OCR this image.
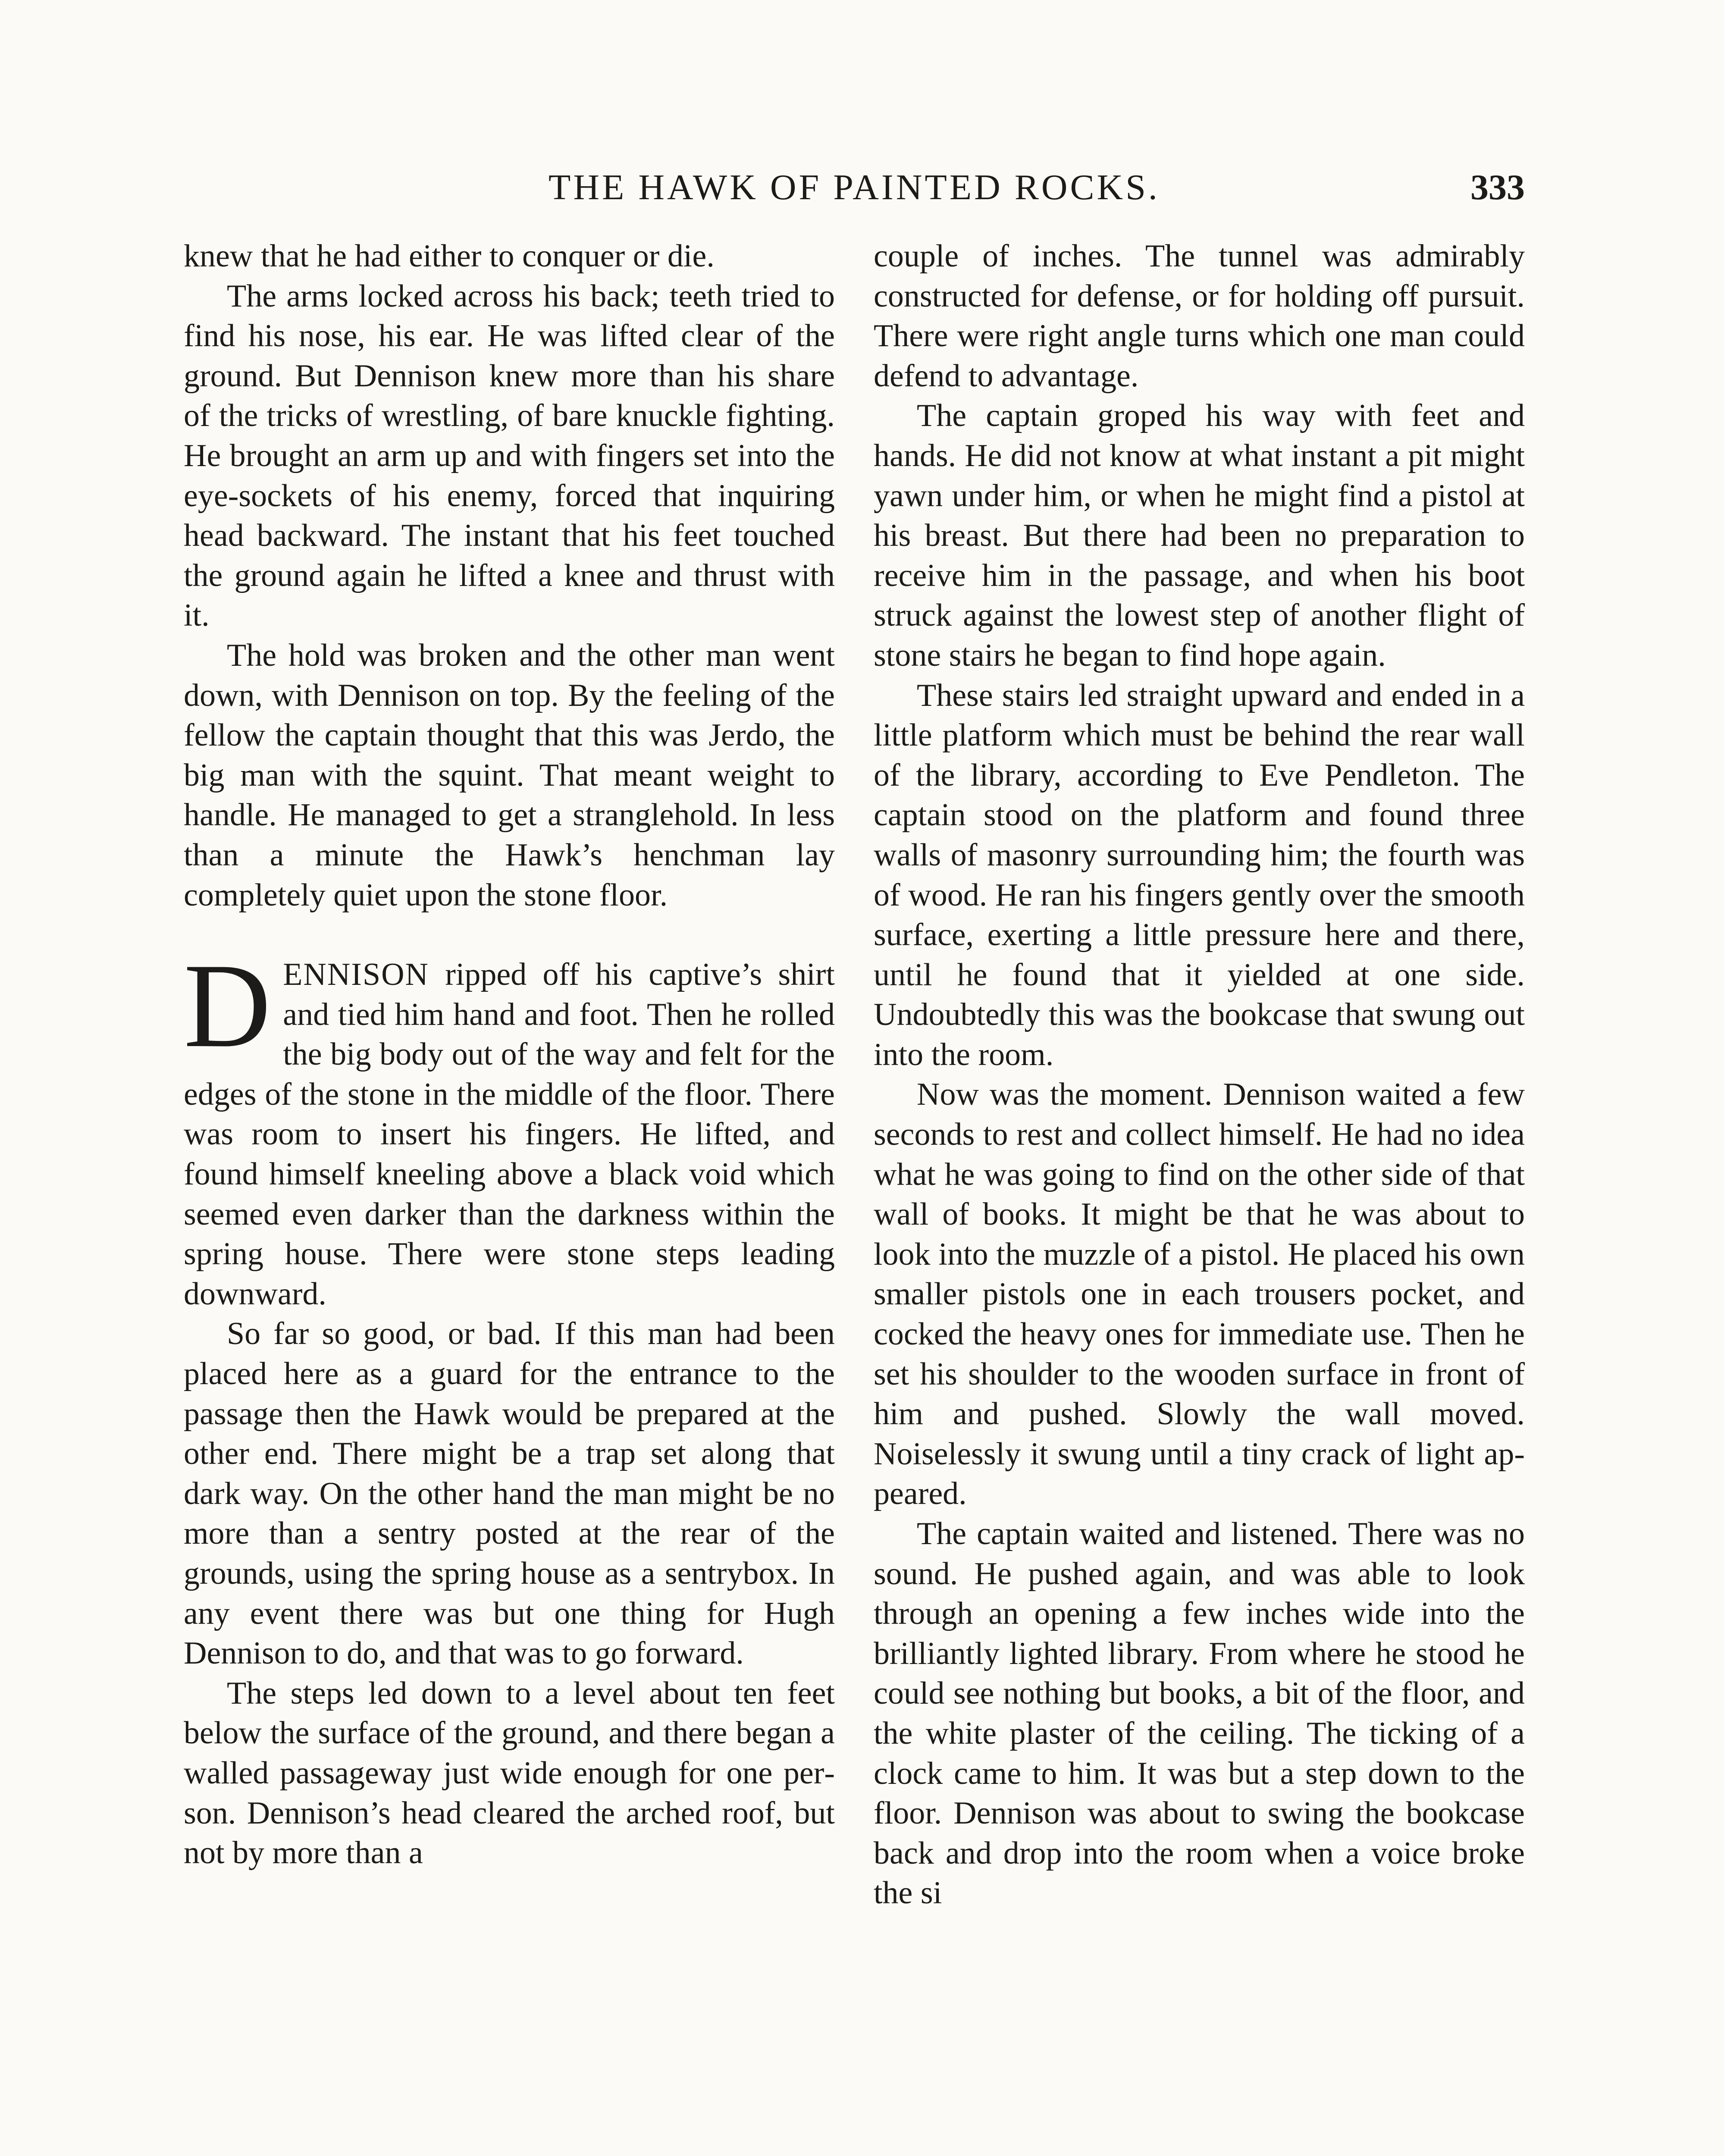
THE HAWK OF PAINTED ROCKS.	333

knew that he had either to conquer or die.

The arms locked across his back; teeth tried to find his nose, his ear. He was lifted clear of the ground. But Dennison knew more than his share of the tricks of wrestling, of bare knuckle fighting. He brought an arm up and with fingers set into the eye-sockets of his enemy, forced that inquiring head backward. The instant that his feet touched the ground again he lifted a knee and thrust with it.

The hold was broken and the other man went down, with Dennison on top. By the feeling of the fellow the captain thought that this was Jerdo, the big man with the squint. That meant weight to handle. He managed to get a stranglehold. In less than a minute the Hawk’s henchman lay completely quiet upon the stone floor.

DENNISON ripped off his captive’s shirt and tied him hand and foot. Then he rolled the big body out of the way and felt for the edges of the stone in the middle of the floor. There was room to insert his fingers. He lifted, and found himself kneeling above a black void which seemed even darker than the darkness within the spring house. There were stone steps leading downward.

So far so good, or bad. If this man had been placed here as a guard for the entrance to the passage then the Hawk would be prepared at the other end. There might be a trap set along that dark way. On the other hand the man might be no more than a sentry posted at the rear of the grounds, using the spring house as a sentrybox. In any event there was but one thing for Hugh Dennison to do, and that was to go forward.

The steps led down to a level about ten feet below the surface of the ground, and there began a walled passageway just wide enough for one person. Dennison’s head cleared the arched roof, but not by more than a

couple of inches. The tunnel was admirably constructed for defense, or for holding off pursuit. There were right angle turns which one man could defend to advantage.

The captain groped his way with feet and hands. He did not know at what instant a pit might yawn under him, or when he might find a pistol at his breast. But there had been no preparation to receive him in the passage, and when his boot struck against the lowest step of another flight of stone stairs he began to find hope again.

These stairs led straight upward and ended in a little platform which must be behind the rear wall of the library, according to Eve Pendleton. The captain stood on the platform and found three walls of masonry surrounding him; the fourth was of wood. He ran his fingers gently over the smooth surface, exerting a little pressure here and there, until he found that it yielded at one side. Undoubtedly this was the bookcase that swung out into the room.

Now was the moment. Dennison waited a few seconds to rest and collect himself. He had no idea what he was going to find on the other side of that wall of books. It might be that he was about to look into the muzzle of a pistol. He placed his own smaller pistols one in each trousers pocket, and cocked the heavy ones for immediate use. Then he set his shoulder to the wooden surface in front of him and pushed. Slowly the wall moved. Noiselessly it swung until a tiny crack of light appeared.

The captain waited and listened. There was no sound. He pushed again, and was able to look through an opening a few inches wide into the brilliantly lighted library. From where he stood he could see nothing but books, a bit of the floor, and the white plaster of the ceiling. The ticking of a clock came to him. It was but a step down to the floor. Dennison was about to swing the bookcase back and drop into the room when a voice broke the si
